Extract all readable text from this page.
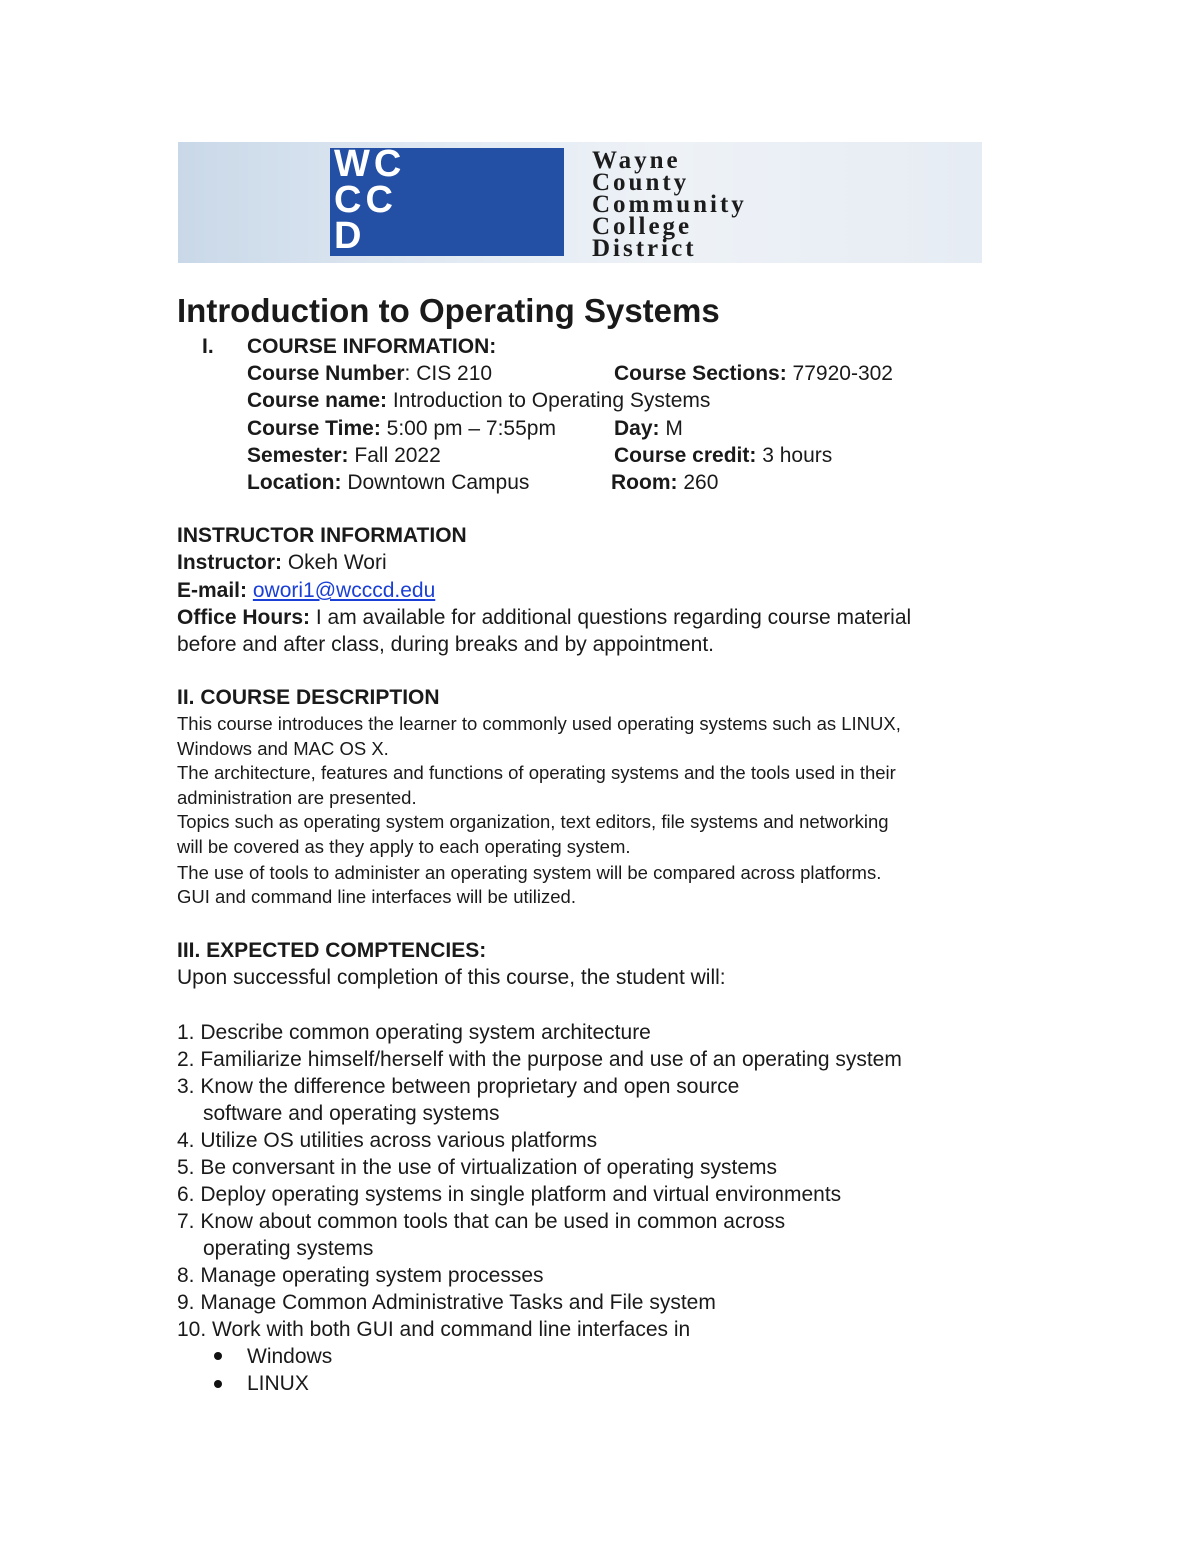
WC
CC
D
Wayne
County
Community
College
District
Introduction to Operating Systems
I. COURSE INFORMATION:
Course Number: CIS 210	Course Sections: 77920-302
Course name: Introduction to Operating Systems
Course Time: 5:00 pm – 7:55pm	Day: M
Semester: Fall 2022	Course credit: 3 hours
Location: Downtown Campus	Room: 260
INSTRUCTOR INFORMATION
Instructor: Okeh Wori
E-mail: owori1@wcccd.edu
Office Hours: I am available for additional questions regarding course material
before and after class, during breaks and by appointment.
II. COURSE DESCRIPTION
This course introduces the learner to commonly used operating systems such as LINUX,
Windows and MAC OS X.
The architecture, features and functions of operating systems and the tools used in their
administration are presented.
Topics such as operating system organization, text editors, file systems and networking
will be covered as they apply to each operating system.
The use of tools to administer an operating system will be compared across platforms.
GUI and command line interfaces will be utilized.
III. EXPECTED COMPTENCIES:
Upon successful completion of this course, the student will:
1. Describe common operating system architecture
2. Familiarize himself/herself with the purpose and use of an operating system
3. Know the difference between proprietary and open source
software and operating systems
4. Utilize OS utilities across various platforms
5. Be conversant in the use of virtualization of operating systems
6. Deploy operating systems in single platform and virtual environments
7. Know about common tools that can be used in common across
operating systems
8. Manage operating system processes
9. Manage Common Administrative Tasks and File system
10. Work with both GUI and command line interfaces in
Windows
LINUX
